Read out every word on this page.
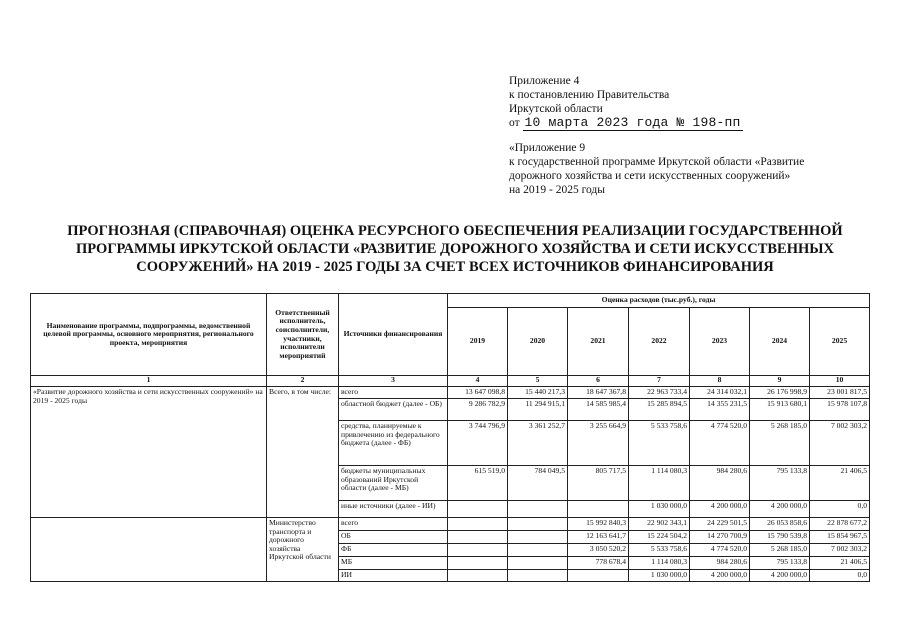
Приложение 4
к постановлению Правительства
Иркутской области
от 10 марта 2023 года № 198-пп
«Приложение 9
к государственной программе Иркутской области «Развитие
дорожного хозяйства и сети искусственных сооружений»
на 2019 - 2025 годы
ПРОГНОЗНАЯ (СПРАВОЧНАЯ) ОЦЕНКА РЕСУРСНОГО ОБЕСПЕЧЕНИЯ РЕАЛИЗАЦИИ ГОСУДАРСТВЕННОЙ
ПРОГРАММЫ ИРКУТСКОЙ ОБЛАСТИ «РАЗВИТИЕ ДОРОЖНОГО ХОЗЯЙСТВА И СЕТИ ИСКУССТВЕННЫХ
СООРУЖЕНИЙ» НА 2019 - 2025 ГОДЫ ЗА СЧЕТ ВСЕХ ИСТОЧНИКОВ ФИНАНСИРОВАНИЯ
Наименование программы, подпрограммы, ведомственной целевой программы, основного мероприятия, регионального проекта, мероприятия	Ответственный исполнитель, соисполнители, участники, исполнители мероприятий	Источники финансирования	Оценка расходов (тыс.руб.), годы						
			2019	2020	2021	2022	2023	2024	2025
1	2	3	4	5	6	7	8	9	10
«Развитие дорожного хозяйства и сети искусственных сооружений» на 2019 - 2025 годы	Всего, в том числе:	всего	13 647 098,8	15 440 217,3	18 647 367,8	22 963 733,4	24 314 032,1	26 176 998,9	23 001 817,5
		областной бюджет (далее - ОБ)	9 286 782,9	11 294 915,1	14 585 985,4	15 285 894,5	14 355 231,5	15 913 680,1	15 978 107,8
		средства, планируемые к привлечению из федерального бюджета (далее - ФБ)	3 744 796,9	3 361 252,7	3 255 664,9	5 533 758,6	4 774 520,0	5 268 185,0	7 002 303,2
		бюджеты муниципальных образований Иркутской области (далее - МБ)	615 519,0	784 049,5	805 717,5	1 114 080,3	984 280,6	795 133,8	21 406,5
		иные источники (далее - ИИ)				1 030 000,0	4 200 000,0	4 200 000,0	0,0
	Министерство транспорта и дорожного хозяйства Иркутской области	всего			15 992 840,3	22 902 343,1	24 229 501,5	26 053 858,6	22 878 677,2
		ОБ			12 163 641,7	15 224 504,2	14 270 700,9	15 790 539,8	15 854 967,5
		ФБ			3 050 520,2	5 533 758,6	4 774 520,0	5 268 185,0	7 002 303,2
		МБ			778 678,4	1 114 080,3	984 280,6	795 133,8	21 406,5
		ИИ				1 030 000,0	4 200 000,0	4 200 000,0	0,0
